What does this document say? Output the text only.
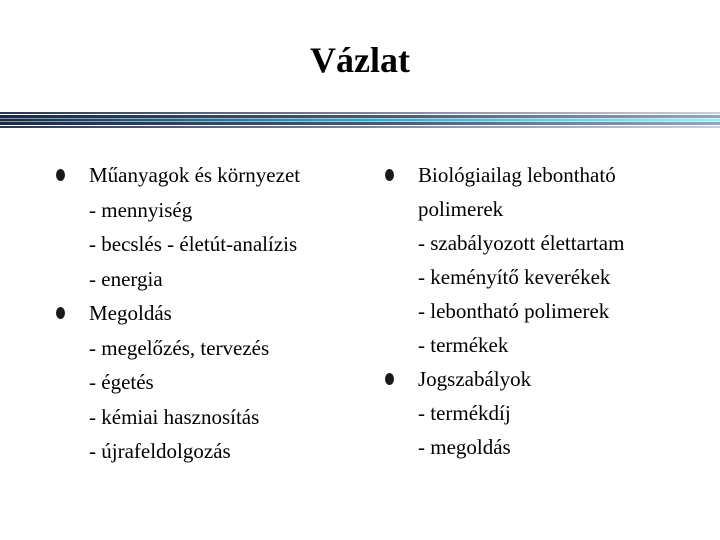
Vázlat
Műanyagok és környezet
- mennyiség
- becslés - életút-analízis
- energia
Megoldás
- megelőzés, tervezés
- égetés
- kémiai hasznosítás
- újrafeldolgozás
Biológiailag lebontható
polimerek
- szabályozott élettartam
- keményítő keverékek
- lebontható polimerek
- termékek
Jogszabályok
- termékdíj
- megoldás
